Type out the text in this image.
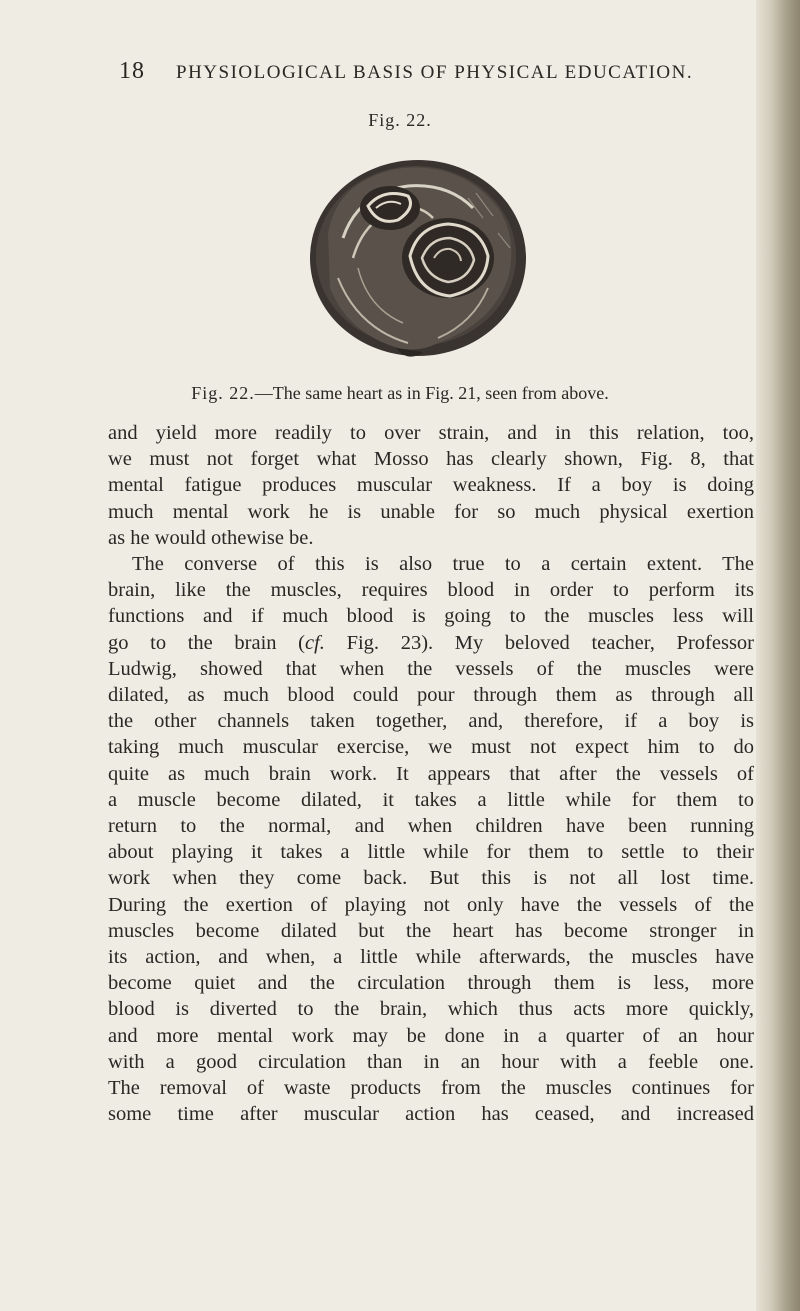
18 PHYSIOLOGICAL BASIS OF PHYSICAL EDUCATION.
Fig. 22.
Fig. 22.—The same heart as in Fig. 21, seen from above.
and yield more readily to over strain, and in this relation, too,
we must not forget what Mosso has clearly shown, Fig. 8, that
mental fatigue produces muscular weakness. If a boy is doing
much mental work he is unable for so much physical exertion
as he would othewise be.
The converse of this is also true to a certain extent. The
brain, like the muscles, requires blood in order to perform its
functions and if much blood is going to the muscles less will
go to the brain (cf. Fig. 23). My beloved teacher, Professor
Ludwig, showed that when the vessels of the muscles were
dilated, as much blood could pour through them as through all
the other channels taken together, and, therefore, if a boy is
taking much muscular exercise, we must not expect him to do
quite as much brain work. It appears that after the vessels of
a muscle become dilated, it takes a little while for them to
return to the normal, and when children have been running
about playing it takes a little while for them to settle to their
work when they come back. But this is not all lost time.
During the exertion of playing not only have the vessels of the
muscles become dilated but the heart has become stronger in
its action, and when, a little while afterwards, the muscles have
become quiet and the circulation through them is less, more
blood is diverted to the brain, which thus acts more quickly,
and more mental work may be done in a quarter of an hour
with a good circulation than in an hour with a feeble one.
The removal of waste products from the muscles continues for
some time after muscular action has ceased, and increased
